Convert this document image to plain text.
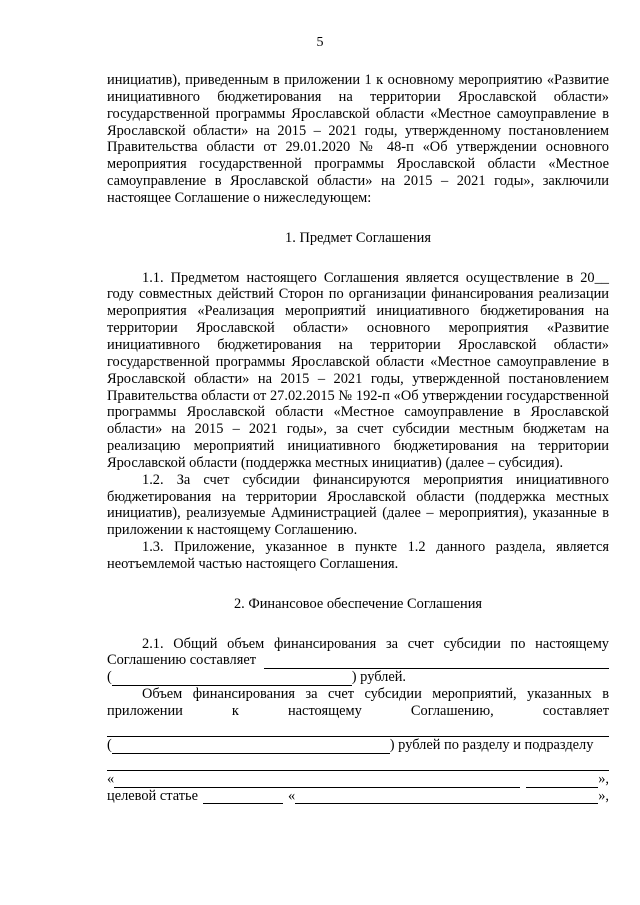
5

инициатив), приведенным в приложении 1 к основному мероприятию «Развитие инициативного бюджетирования на территории Ярославской области» государственной программы Ярославской области «Местное самоуправление в Ярославской области» на 2015 – 2021 годы, утвержденному постановлением Правительства области от 29.01.2020 № 48-п «Об утверждении основного мероприятия государственной программы Ярославской области «Местное самоуправление в Ярославской области» на 2015 – 2021 годы», заключили настоящее Соглашение о нижеследующем:

1. Предмет Соглашения

1.1. Предметом настоящего Соглашения является осуществление в 20__ году совместных действий Сторон по организации финансирования реализации мероприятия «Реализация мероприятий инициативного бюджетирования на территории Ярославской области» основного мероприятия «Развитие инициативного бюджетирования на территории Ярославской области» государственной программы Ярославской области «Местное самоуправление в Ярославской области» на 2015 – 2021 годы, утвержденной постановлением Правительства области от 27.02.2015 № 192-п «Об утверждении государственной программы Ярославской области «Местное самоуправление в Ярославской области» на 2015 – 2021 годы», за счет субсидии местным бюджетам на реализацию мероприятий инициативного бюджетирования на территории Ярославской области (поддержка местных инициатив) (далее – субсидия).

1.2. За счет субсидии финансируются мероприятия инициативного бюджетирования на территории Ярославской области (поддержка местных инициатив), реализуемые Администрацией (далее – мероприятия), указанные в приложении к настоящему Соглашению.

1.3. Приложение, указанное в пункте 1.2 данного раздела, является неотъемлемой частью настоящего Соглашения.

2. Финансовое обеспечение Соглашения

2.1. Общий объем финансирования за счет субсидии по настоящему

Соглашению составляет
(	) рублей.

Объем финансирования за счет субсидии мероприятий, указанных в

приложении к настоящему Соглашению, составляет

(	) рублей по разделу и подразделу
«	»,
целевой статье	«	»,
